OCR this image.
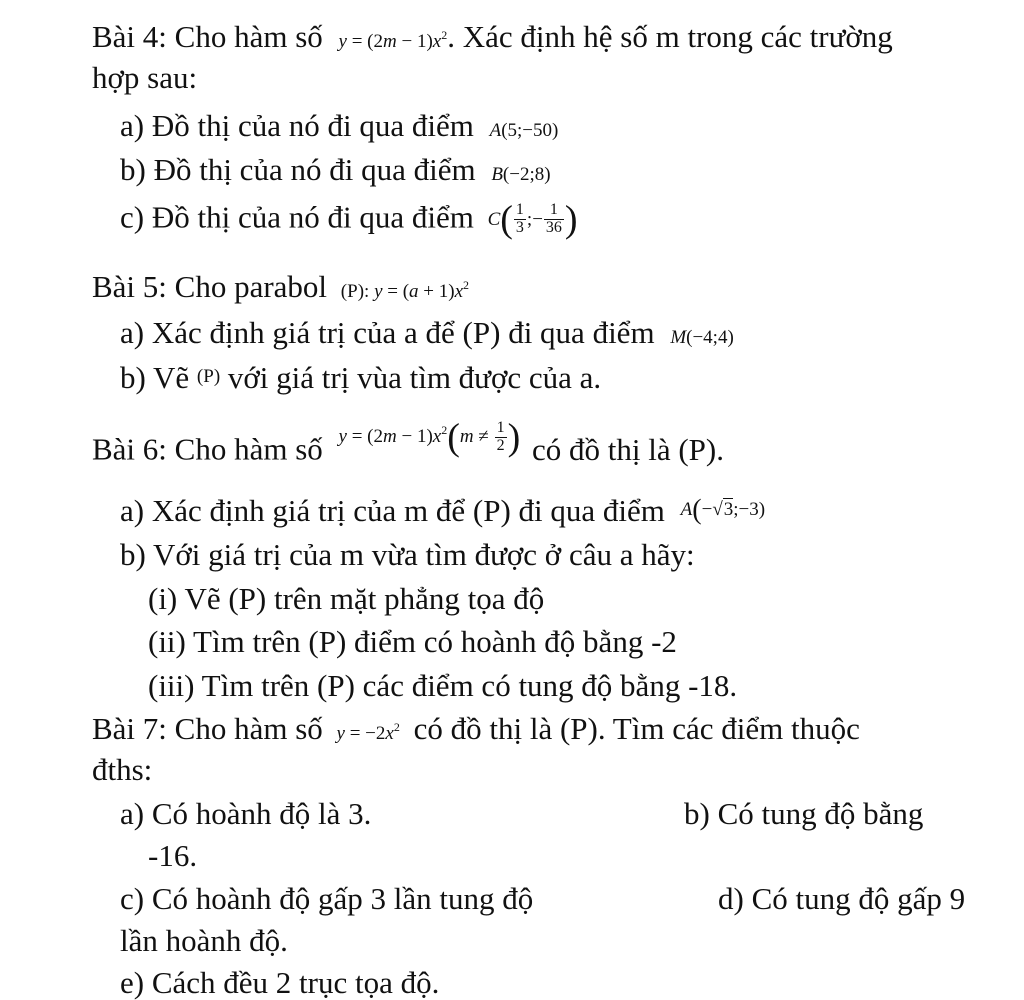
Bài 4: Cho hàm số $y = (2m - 1)x^2$. Xác định hệ số m trong các trường
hợp sau:
a) Đồ thị của nó đi qua điểm A(5;−50)
b) Đồ thị của nó đi qua điểm B(−2;8)
c) Đồ thị của nó đi qua điểm $C( \frac{1}{3}$ ;− $\frac{1}{36}$ )
Bài 5: Cho parabol (P): $y = (a + 1)x^2$
a) Xác định giá trị của a để (P) đi qua điểm M(−4;4)
b) Vẽ (P) với giá trị vùa tìm được của a.
Bài 6: Cho hàm số $y = (2m - 1)x^2(m \ne \frac{1}{2}$ ) có đồ thị là (P).
a) Xác định giá trị của m để (P) đi qua điểm A(−√3;−3)
b) Với giá trị của m vừa tìm được ở câu a hãy:
(i) Vẽ (P) trên mặt phẳng tọa độ
(ii) Tìm trên (P) điểm có hoành độ bằng -2
(iii) Tìm trên (P) các điểm có tung độ bằng -18.
Bài 7: Cho hàm số $y = -2x^2$ có đồ thị là (P). Tìm các điểm thuộc
đths:
a) Có hoành độ là 3.	b) Có tung độ bằng
-16.
c) Có hoành độ gấp 3 lần tung độ	d) Có tung độ gấp 9
lần hoành độ.
e) Cách đều 2 trục tọa độ.
